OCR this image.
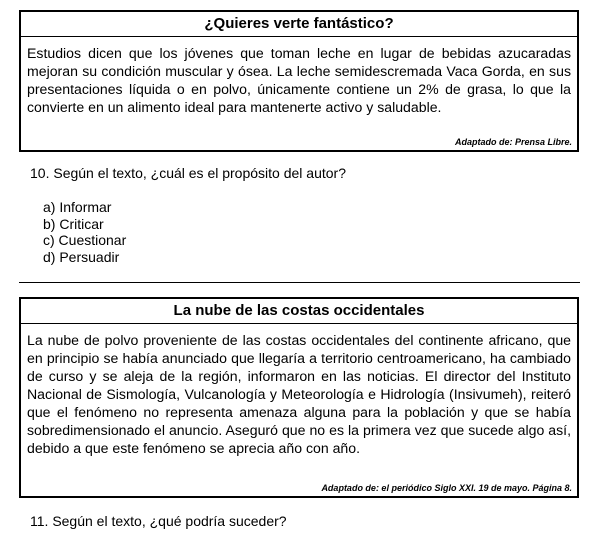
¿Quieres verte fantástico?

Estudios dicen que los jóvenes que toman leche en lugar de bebidas azucaradas mejoran su condición muscular y ósea. La leche semidescremada Vaca Gorda, en sus presentaciones líquida o en polvo, únicamente contiene un 2% de grasa, lo que la convierte en un alimento ideal para mantenerte activo y saludable.

Adaptado de: Prensa Libre.

10. Según el texto, ¿cuál es el propósito del autor?

a) Informar
b) Criticar
c) Cuestionar
d) Persuadir
La nube de las costas occidentales

La nube de polvo proveniente de las costas occidentales del continente africano, que en principio se había anunciado que llegaría a territorio centroamericano, ha cambiado de curso y se aleja de la región, informaron en las noticias. El director del Instituto Nacional de Sismología, Vulcanología y Meteorología e Hidrología (Insivumeh), reiteró que el fenómeno no representa amenaza alguna para la población y que se había sobredimensionado el anuncio. Aseguró que no es la primera vez que sucede algo así, debido a que este fenómeno se aprecia año con año.

Adaptado de: el periódico Siglo XXI. 19 de mayo. Página 8.

11. Según el texto, ¿qué podría suceder?
